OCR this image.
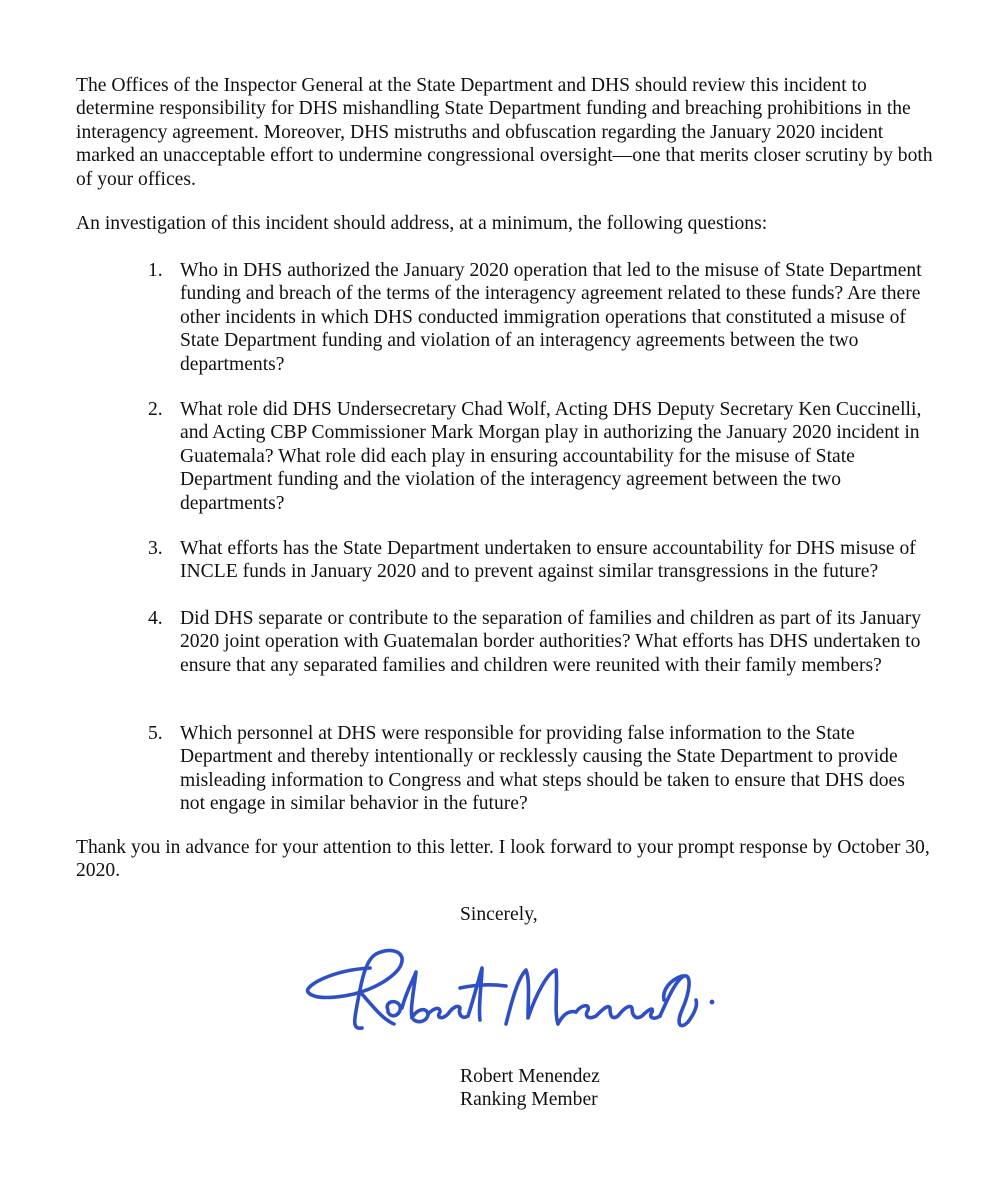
The Offices of the Inspector General at the State Department and DHS should review this incident to determine responsibility for DHS mishandling State Department funding and breaching prohibitions in the interagency agreement. Moreover, DHS mistruths and obfuscation regarding the January 2020 incident marked an unacceptable effort to undermine congressional oversight—one that merits closer scrutiny by both of your offices.

An investigation of this incident should address, at a minimum, the following questions:

1. Who in DHS authorized the January 2020 operation that led to the misuse of State Department funding and breach of the terms of the interagency agreement related to these funds? Are there other incidents in which DHS conducted immigration operations that constituted a misuse of State Department funding and violation of an interagency agreements between the two departments?
2. What role did DHS Undersecretary Chad Wolf, Acting DHS Deputy Secretary Ken Cuccinelli, and Acting CBP Commissioner Mark Morgan play in authorizing the January 2020 incident in Guatemala? What role did each play in ensuring accountability for the misuse of State Department funding and the violation of the interagency agreement between the two departments?
3. What efforts has the State Department undertaken to ensure accountability for DHS misuse of INCLE funds in January 2020 and to prevent against similar transgressions in the future?
4. Did DHS separate or contribute to the separation of families and children as part of its January 2020 joint operation with Guatemalan border authorities? What efforts has DHS undertaken to ensure that any separated families and children were reunited with their family members?
5. Which personnel at DHS were responsible for providing false information to the State Department and thereby intentionally or recklessly causing the State Department to provide misleading information to Congress and what steps should be taken to ensure that DHS does not engage in similar behavior in the future?

Thank you in advance for your attention to this letter. I look forward to your prompt response by October 30, 2020.

Sincerely,

Robert Menendez

Ranking Member
